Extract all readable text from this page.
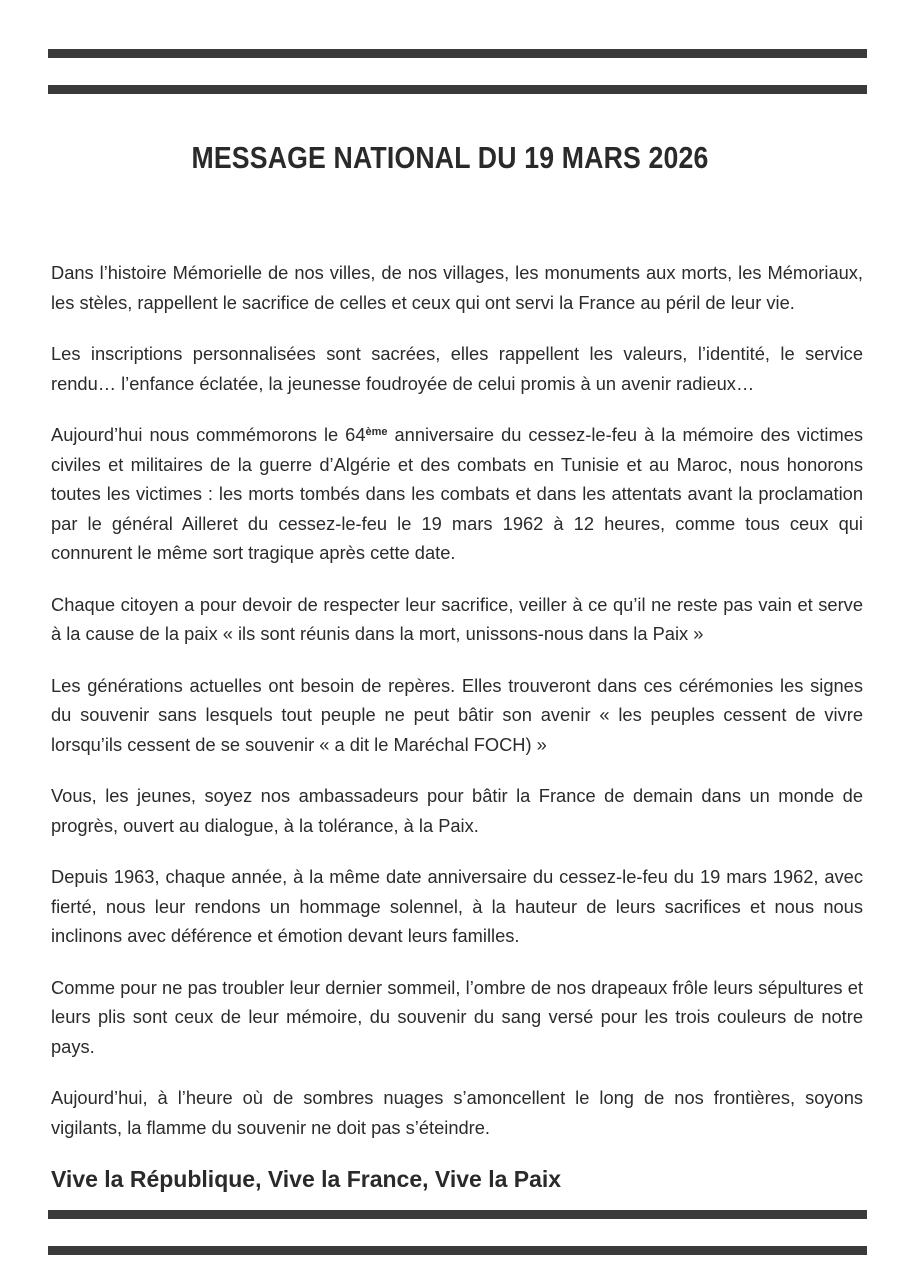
MESSAGE NATIONAL DU 19 MARS 2026

Dans l’histoire Mémorielle de nos villes, de nos villages, les monuments aux morts, les Mémoriaux, les stèles, rappellent le sacrifice de celles et ceux qui ont servi la France au péril de leur vie.

Les inscriptions personnalisées sont sacrées, elles rappellent les valeurs, l’identité, le service rendu… l’enfance éclatée, la jeunesse foudroyée de celui promis à un avenir radieux…

Aujourd’hui nous commémorons le 64ème anniversaire du cessez-le-feu à la mémoire des victimes civiles et militaires de la guerre d’Algérie et des combats en Tunisie et au Maroc, nous honorons toutes les victimes : les morts tombés dans les combats et dans les attentats avant la proclamation par le général Ailleret du cessez-le-feu le 19 mars 1962 à 12 heures, comme tous ceux qui connurent le même sort tragique après cette date.

Chaque citoyen a pour devoir de respecter leur sacrifice, veiller à ce qu’il ne reste pas vain et serve à la cause de la paix « ils sont réunis dans la mort, unissons-nous dans la Paix »

Les générations actuelles ont besoin de repères. Elles trouveront dans ces cérémonies les signes du souvenir sans lesquels tout peuple ne peut bâtir son avenir « les peuples cessent de vivre lorsqu’ils cessent de se souvenir « a dit le Maréchal FOCH) »

Vous, les jeunes, soyez nos ambassadeurs pour bâtir la France de demain dans un monde de progrès, ouvert au dialogue, à la tolérance, à la Paix.

Depuis 1963, chaque année, à la même date anniversaire du cessez-le-feu du 19 mars 1962, avec fierté, nous leur rendons un hommage solennel, à la hauteur de leurs sacrifices et nous nous inclinons avec déférence et émotion devant leurs familles.

Comme pour ne pas troubler leur dernier sommeil, l’ombre de nos drapeaux frôle leurs sépultures et leurs plis sont ceux de leur mémoire, du souvenir du sang versé pour les trois couleurs de notre pays.

Aujourd’hui, à l’heure où de sombres nuages s’amoncellent le long de nos frontières, soyons vigilants, la flamme du souvenir ne doit pas s’éteindre.

Vive la République, Vive la France, Vive la Paix
